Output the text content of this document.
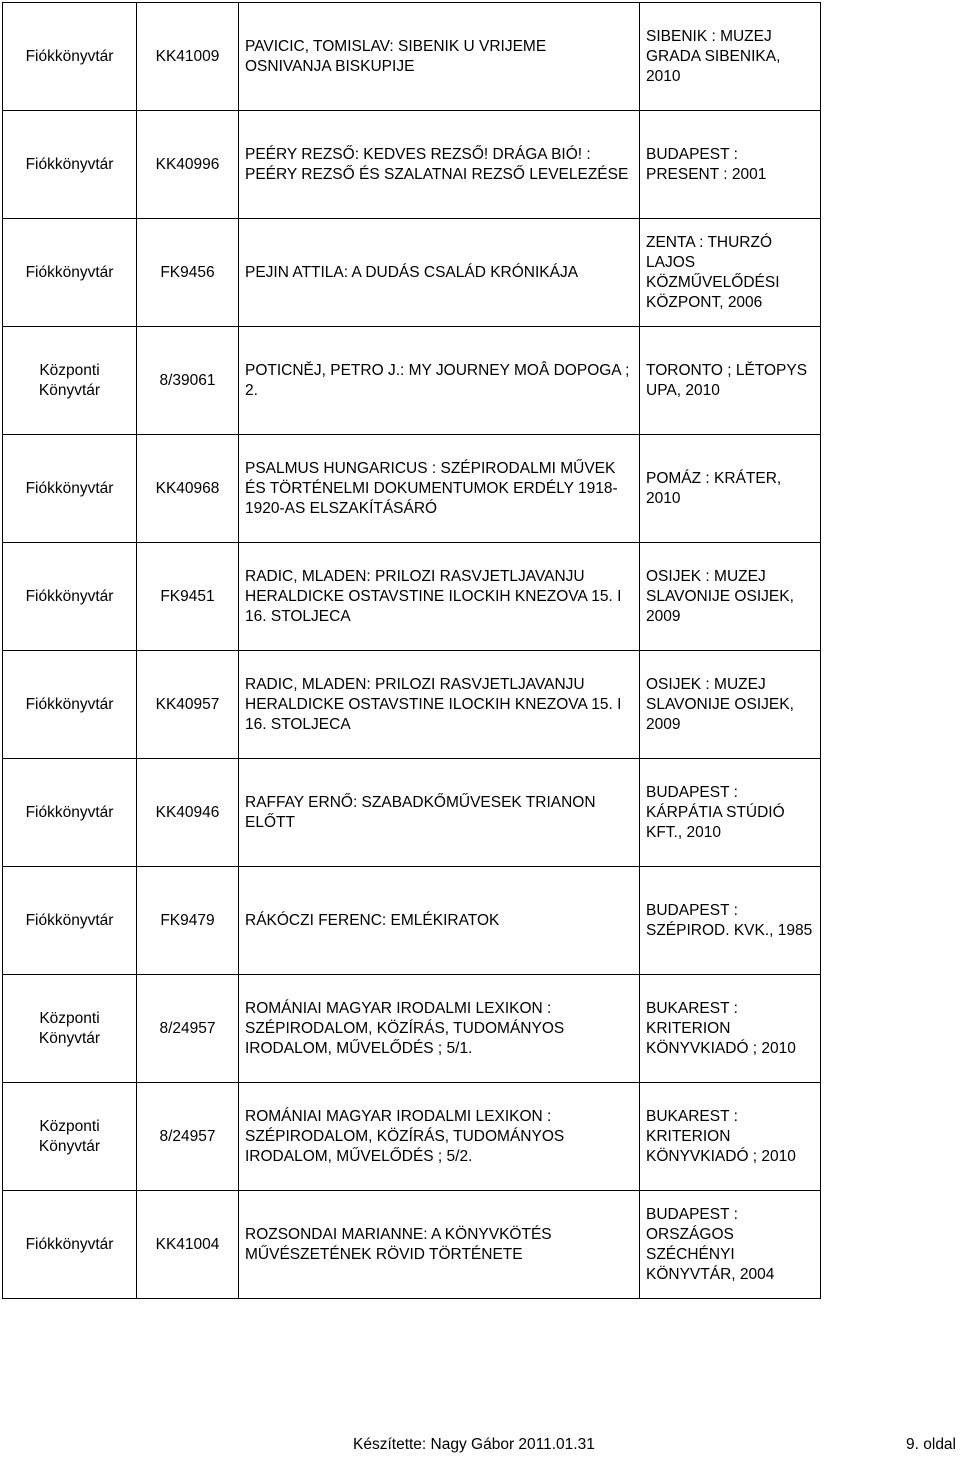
Fiókkönyvtár	KK41009	PAVICIC, TOMISLAV: SIBENIK U VRIJEME OSNIVANJA BISKUPIJE	SIBENIK : MUZEJ GRADA SIBENIKA, 2010
Fiókkönyvtár	KK40996	PEÉRY REZSŐ: KEDVES REZSŐ! DRÁGA BIÓ! : PEÉRY REZSŐ ÉS SZALATNAI REZSŐ LEVELEZÉSE	BUDAPEST : PRESENT : 2001
Fiókkönyvtár	FK9456	PEJIN ATTILA: A DUDÁS CSALÁD KRÓNIKÁJA	ZENTA : THURZÓ LAJOS KÖZMŰVELŐDÉSI KÖZPONT, 2006
Központi Könyvtár	8/39061	POTICNĚJ, PETRO J.: MY JOURNEY MOÂ DOPOGA ; 2.	TORONTO ; LĚTOPYS UPA, 2010
Fiókkönyvtár	KK40968	PSALMUS HUNGARICUS : SZÉPIRODALMI MŰVEK ÉS TÖRTÉNELMI DOKUMENTUMOK ERDÉLY 1918-1920-AS ELSZAKÍTÁSÁRÓ	POMÁZ : KRÁTER, 2010
Fiókkönyvtár	FK9451	RADIC, MLADEN: PRILOZI RASVJETLJAVANJU HERALDICKE OSTAVSTINE ILOCKIH KNEZOVA 15. I 16. STOLJECA	OSIJEK : MUZEJ SLAVONIJE OSIJEK, 2009
Fiókkönyvtár	KK40957	RADIC, MLADEN: PRILOZI RASVJETLJAVANJU HERALDICKE OSTAVSTINE ILOCKIH KNEZOVA 15. I 16. STOLJECA	OSIJEK : MUZEJ SLAVONIJE OSIJEK, 2009
Fiókkönyvtár	KK40946	RAFFAY ERNŐ: SZABADKŐMŰVESEK TRIANON ELŐTT	BUDAPEST : KÁRPÁTIA STÚDIÓ KFT., 2010
Fiókkönyvtár	FK9479	RÁKÓCZI FERENC: EMLÉKIRATOK	BUDAPEST : SZÉPIROD. KVK., 1985
Központi Könyvtár	8/24957	ROMÁNIAI MAGYAR IRODALMI LEXIKON : SZÉPIRODALOM, KÖZÍRÁS, TUDOMÁNYOS IRODALOM, MŰVELŐDÉS ; 5/1.	BUKAREST : KRITERION KÖNYVKIADÓ ; 2010
Központi Könyvtár	8/24957	ROMÁNIAI MAGYAR IRODALMI LEXIKON : SZÉPIRODALOM, KÖZÍRÁS, TUDOMÁNYOS IRODALOM, MŰVELŐDÉS ; 5/2.	BUKAREST : KRITERION KÖNYVKIADÓ ; 2010
Fiókkönyvtár	KK41004	ROZSONDAI MARIANNE: A KÖNYVKÖTÉS MŰVÉSZETÉNEK RÖVID TÖRTÉNETE	BUDAPEST : ORSZÁGOS SZÉCHÉNYI KÖNYVTÁR, 2004
Készítette: Nagy Gábor 2011.01.31	9. oldal
